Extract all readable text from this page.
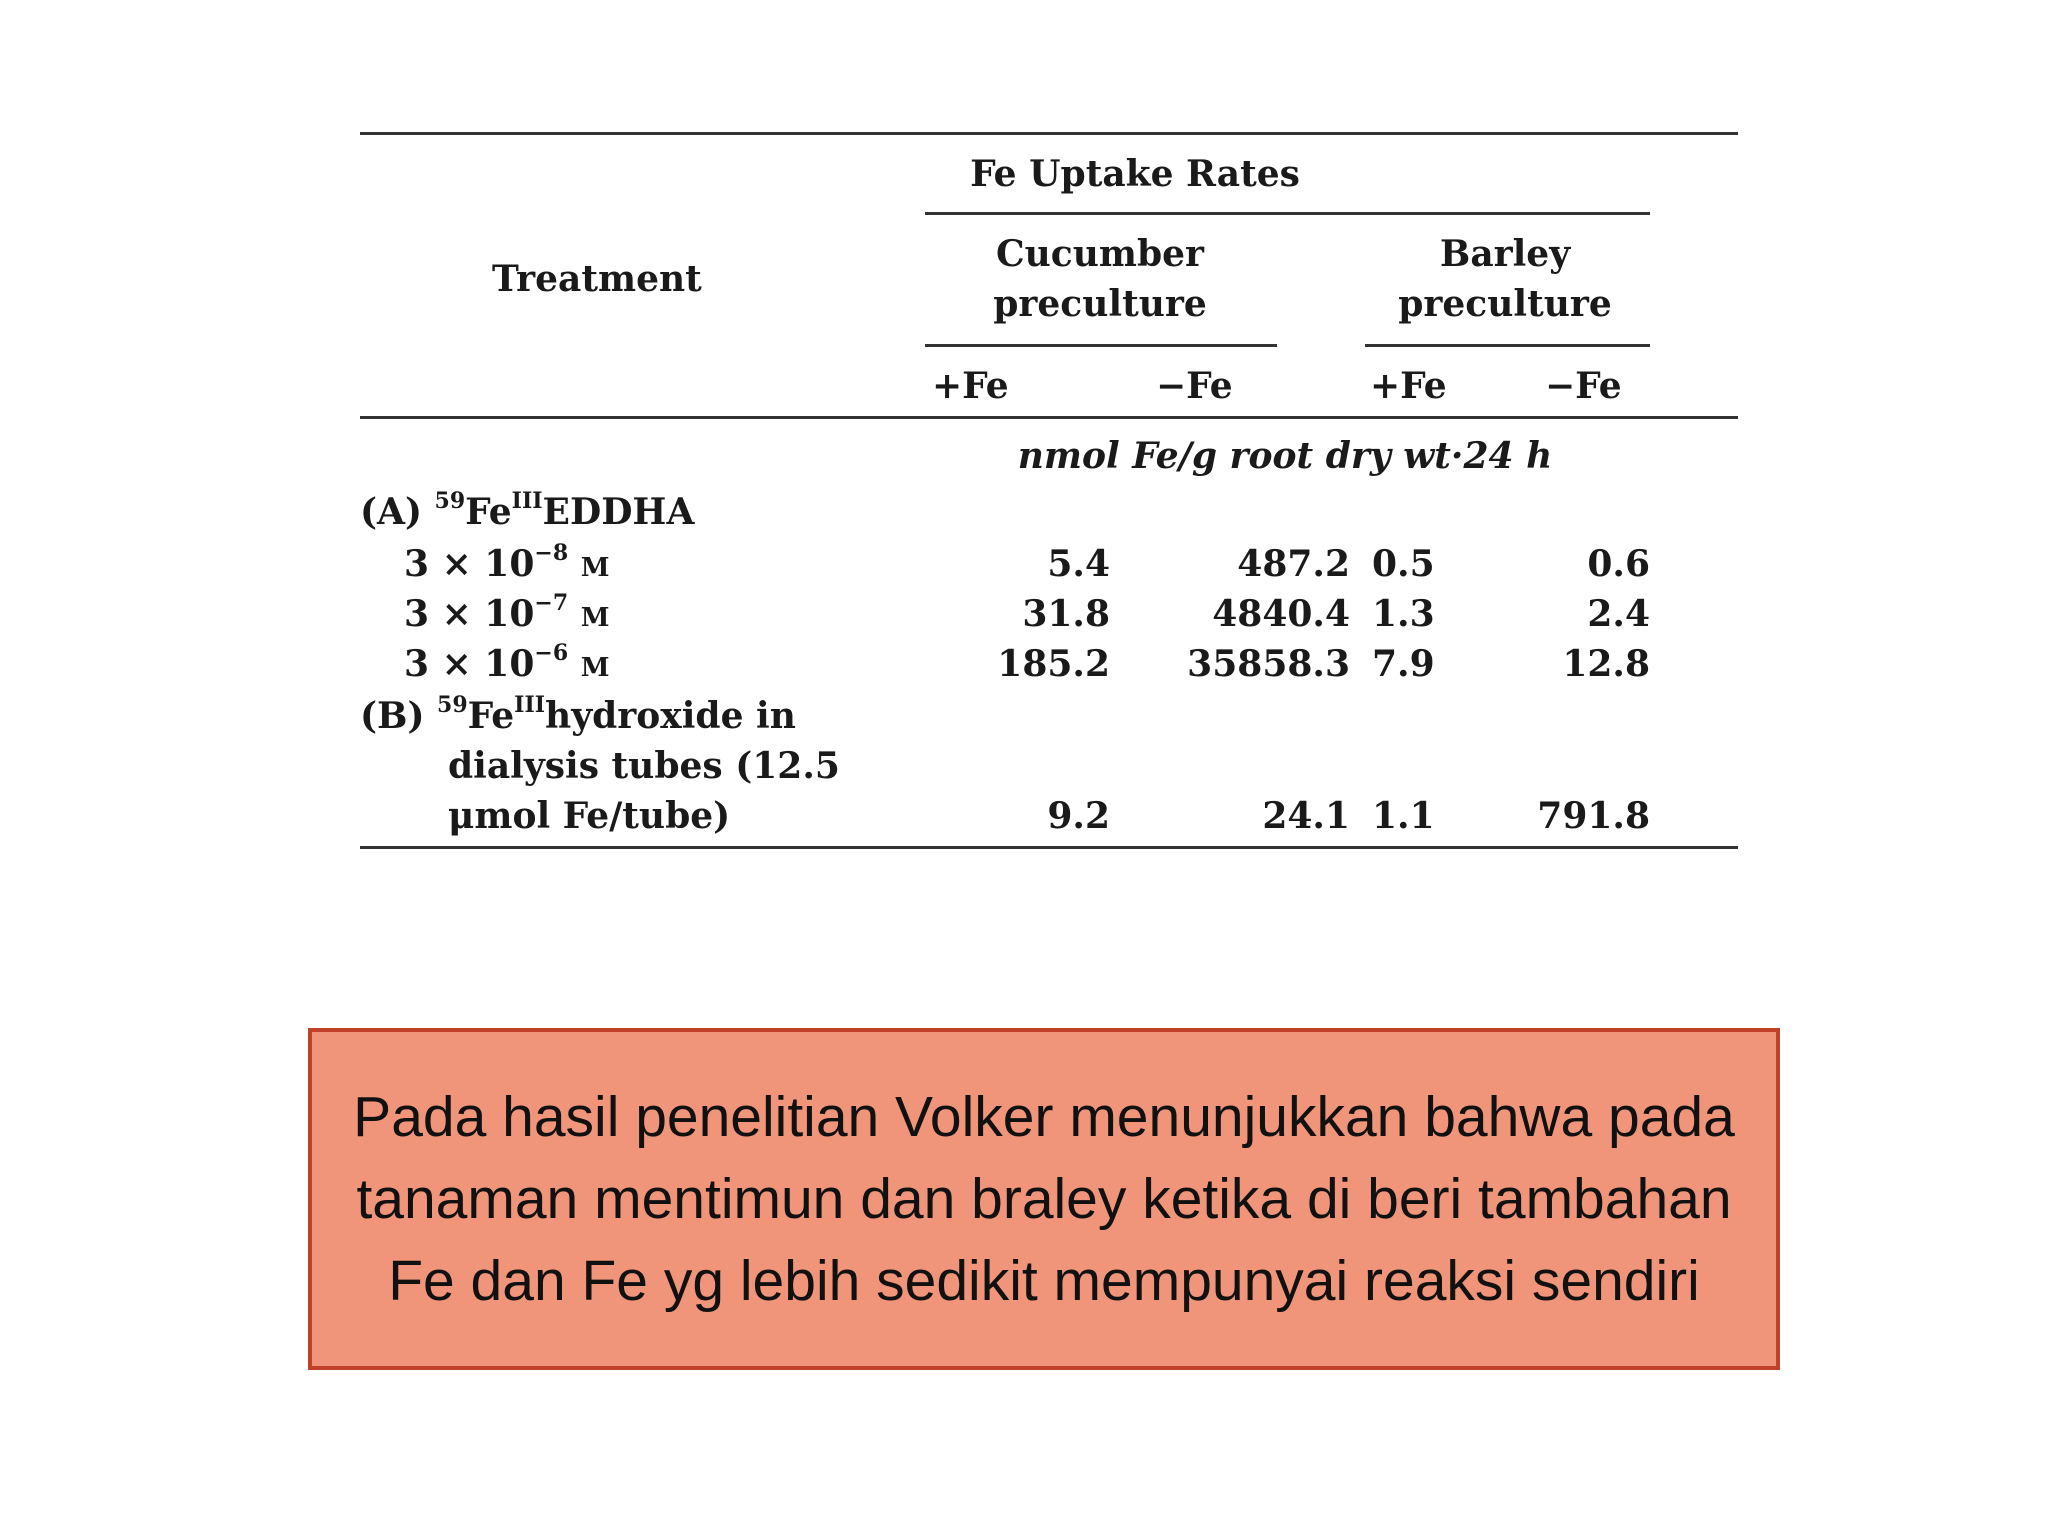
Fe Uptake Rates
Treatment
Cucumber
preculture
Barley
preculture
+Fe	−Fe	+Fe	−Fe
nmol Fe/g root dry wt·24 h
(A) $^{59}Fe^{III}EDDHA$
$3 \times 10^{-8}$ M	5.4	487.2 0.5	0.6
$3 \times 10^{-7}$ M	31.8	4840.4 1.3	2.4
$3 \times 10^{-6}$ M	185.2	35858.3 7.9	12.8
(B) $^{59}Fe^{III}hydroxide$ in
dialysis tubes (12.5
μmol Fe/tube)	9.2	24.1 1.1	791.8
Pada hasil penelitian Volker menunjukkan bahwa pada tanaman mentimun dan braley ketika di beri tambahan Fe dan Fe yg lebih sedikit mempunyai reaksi sendiri
